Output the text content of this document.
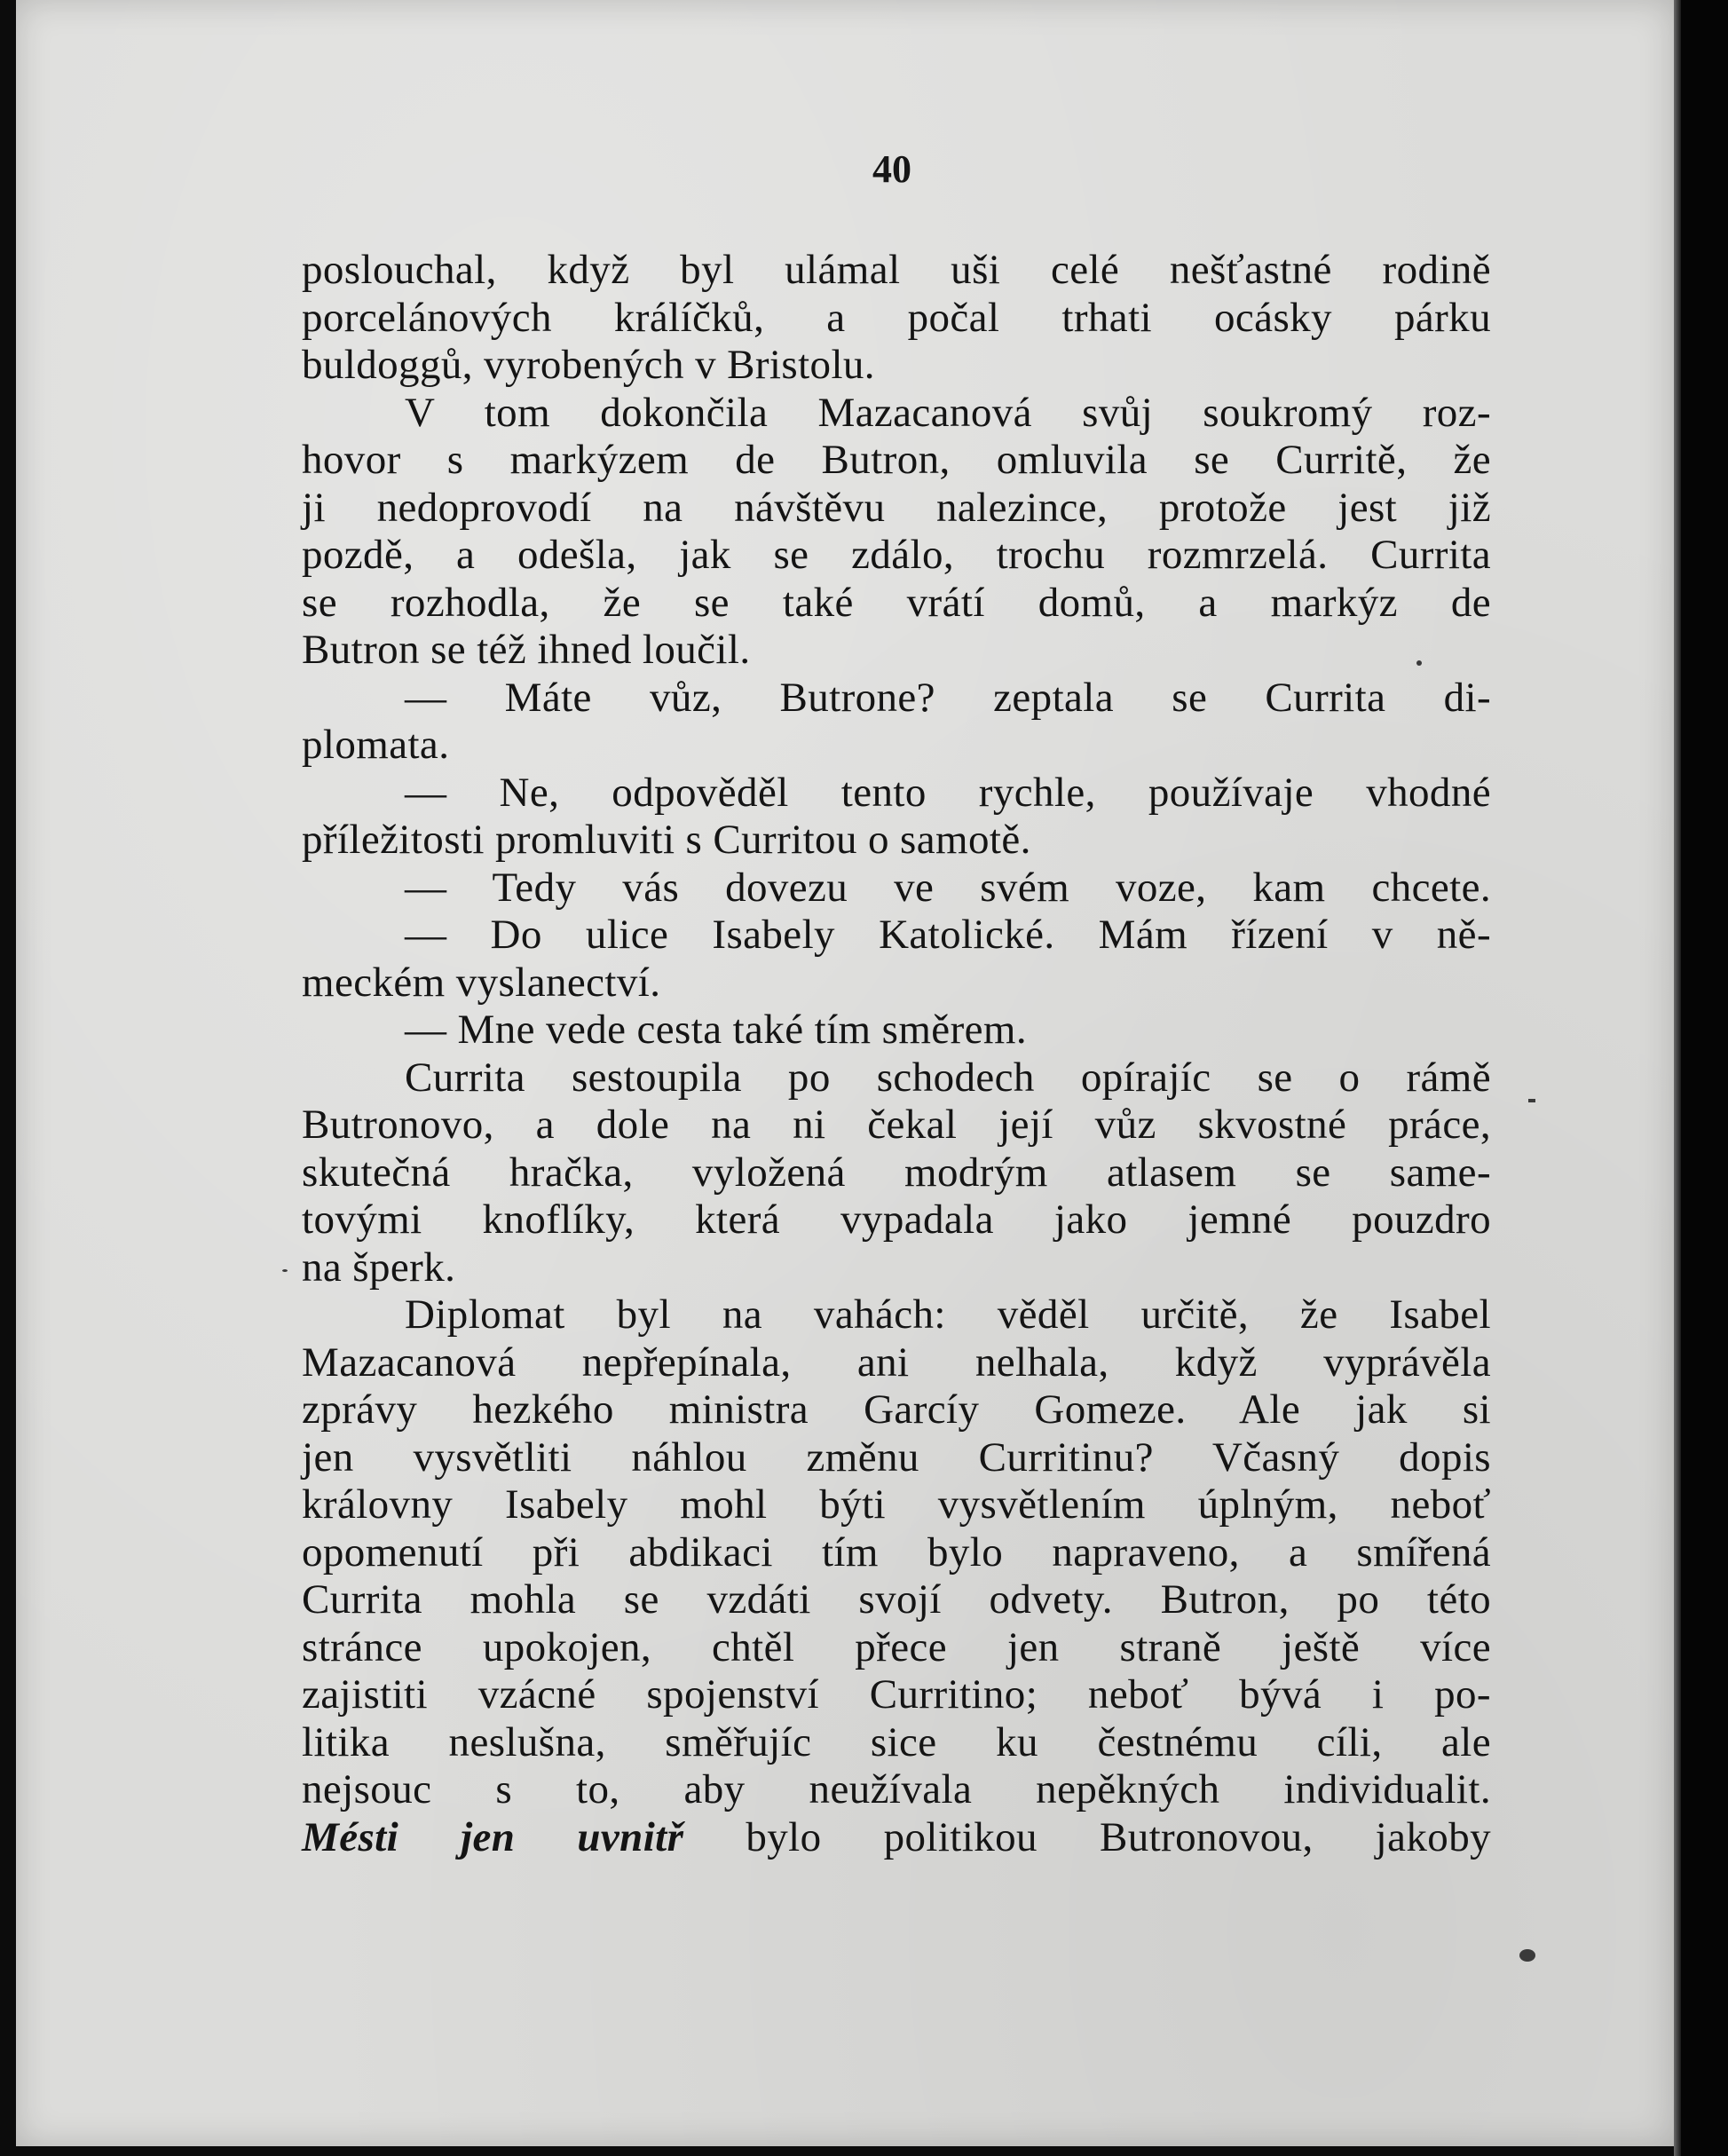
40
poslouchal, když byl ulámal uši celé nešťastné rodině
porcelánových králíčků, a počal trhati ocásky párku
buldoggů, vyrobených v Bristolu.
V tom dokončila Mazacanová svůj soukromý roz-
hovor s markýzem de Butron, omluvila se Curritě, že
ji nedoprovodí na návštěvu nalezince, protože jest již
pozdě, a odešla, jak se zdálo, trochu rozmrzelá. Currita
se rozhodla, že se také vrátí domů, a markýz de
Butron se též ihned loučil.
— Máte vůz, Butrone? zeptala se Currita di-
plomata.
— Ne, odpověděl tento rychle, používaje vhodné
příležitosti promluviti s Curritou o samotě.
— Tedy vás dovezu ve svém voze, kam chcete.
— Do ulice Isabely Katolické. Mám řízení v ně-
meckém vyslanectví.
— Mne vede cesta také tím směrem.
Currita sestoupila po schodech opírajíc se o rámě
Butronovo, a dole na ni čekal její vůz skvostné práce,
skutečná hračka, vyložená modrým atlasem se same-
tovými knoflíky, která vypadala jako jemné pouzdro
na šperk.
Diplomat byl na vahách: věděl určitě, že Isabel
Mazacanová nepřepínala, ani nelhala, když vyprávěla
zprávy hezkého ministra Garcíy Gomeze. Ale jak si
jen vysvětliti náhlou změnu Curritinu? Včasný dopis
královny Isabely mohl býti vysvětlením úplným, neboť
opomenutí při abdikaci tím bylo napraveno, a smířená
Currita mohla se vzdáti svojí odvety. Butron, po této
stránce upokojen, chtěl přece jen straně ještě více
zajistiti vzácné spojenství Curritino; neboť bývá i po-
litika neslušna, směřujíc sice ku čestnému cíli, ale
nejsouc s to, aby neužívala nepěkných individualit.
Mésti jen uvnitř bylo politikou Butronovou, jakoby
